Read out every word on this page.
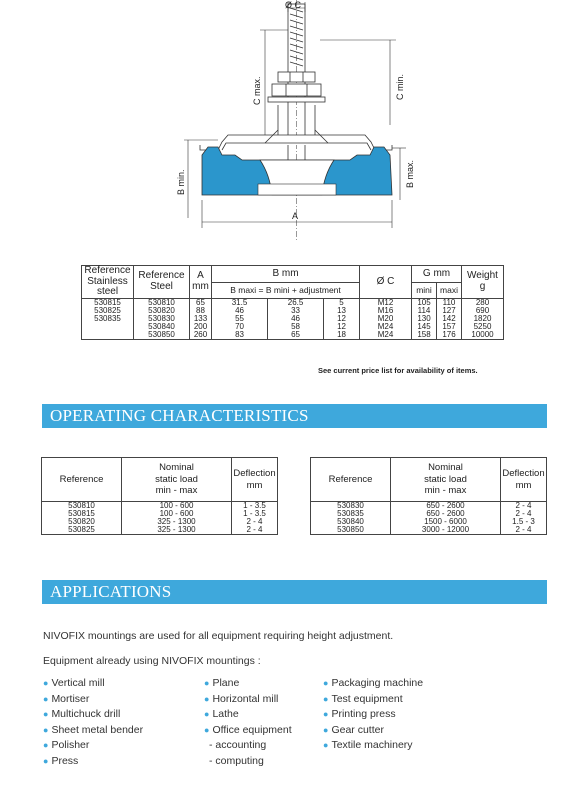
Ø C
C max.	C min.
B min.	B max.
A
Reference Stainless steel	Reference Steel	A
mm	B mm			Ø C	G mm		Weight
g
			B maxi = B mini + adjustment				mini	maxi	
530815	530810	65	31.5	26.5	5	M12	105	110	280
530825	530820	88	46	33	13	M16	114	127	690
530835	530830	133	55	46	12	M20	130	142	1820
	530840	200	70	58	12	M24	145	157	5250
	530850	260	83	65	18	M24	158	176	10000
See current price list for availability of items.
OPERATING CHARACTERISTICS
Reference	Nominal
static load
min - max	Deflection
mm
530810	100 - 600	1 - 3.5
530815	100 - 600	1 - 3.5
530820	325 - 1300	2 - 4
530825	325 - 1300	2 - 4
Reference	Nominal
static load
min - max	Deflection
mm
530830	650 - 2600	2 - 4
530835	650 - 2600	2 - 4
530840	1500 - 6000	1.5 - 3
530850	3000 - 12000	2 - 4
APPLICATIONS

NIVOFIX mountings are used for all equipment requiring height adjustment.

Equipment already using NIVOFIX mountings :

● Vertical mill
● Mortiser
● Multichuck drill
● Sheet metal bender
● Polisher
● Press
● Plane
● Horizontal mill
● Lathe
● Office equipment
- accounting
- computing
● Packaging machine
● Test equipment
● Printing press
● Gear cutter
● Textile machinery
